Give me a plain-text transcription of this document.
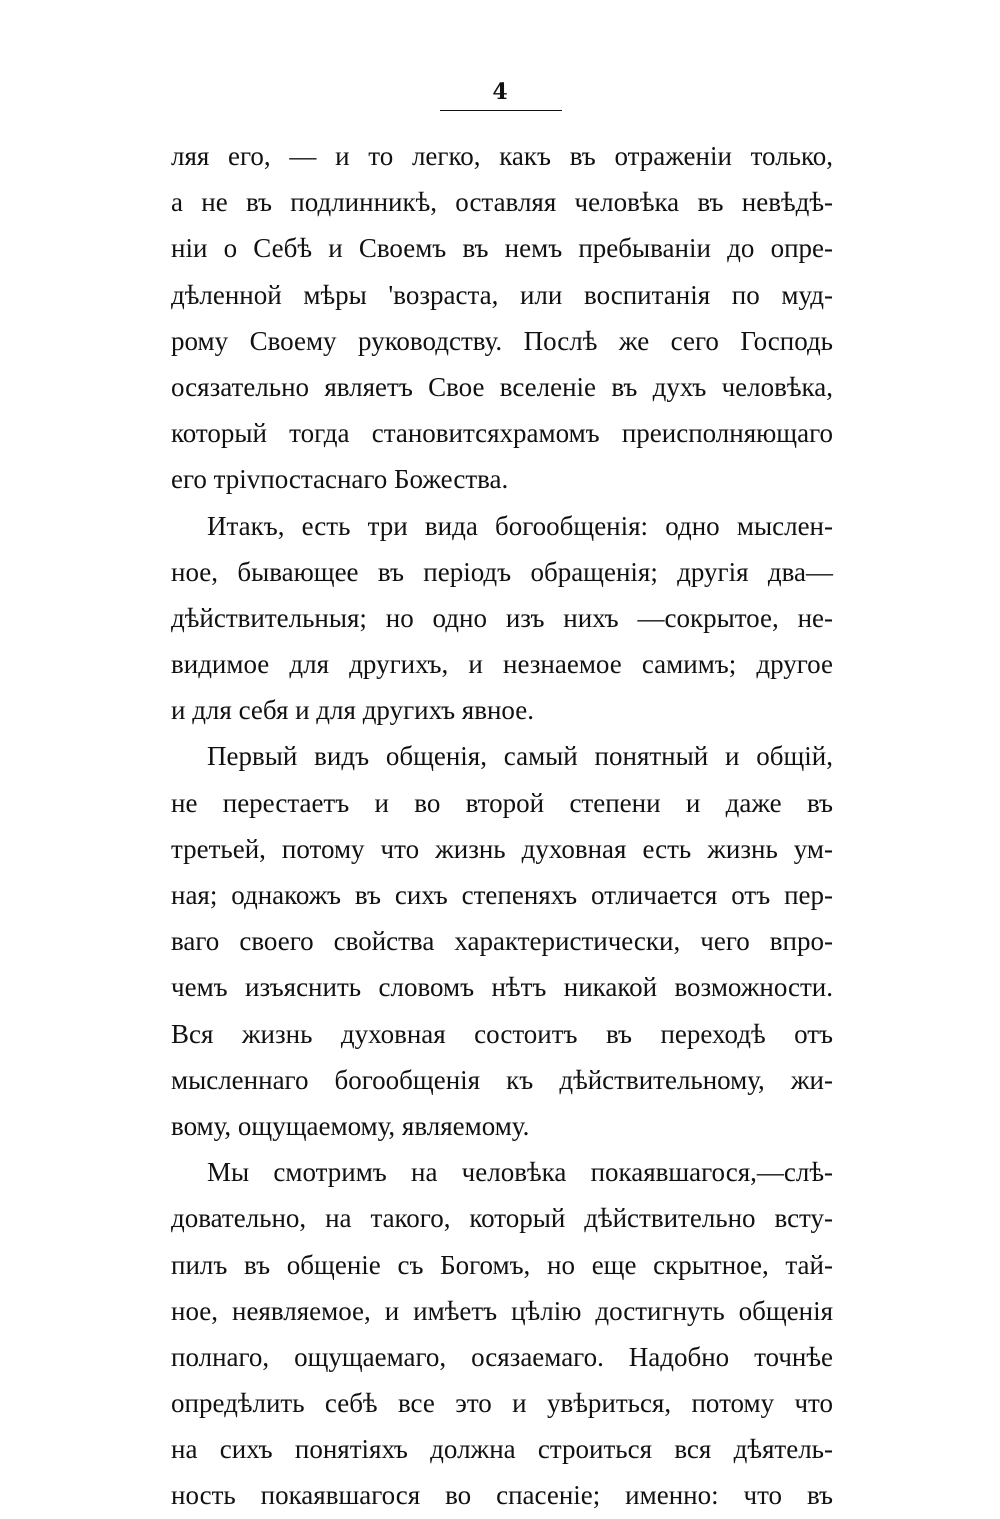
4
ляя его, — и то легко, какъ въ отраженіи только,
а не въ подлинникѣ, оставляя человѣка въ невѣдѣ-
ніи о Себѣ и Своемъ въ немъ пребываніи до опре-
дѣленной мѣры 'возраста, или воспитанія по муд-
рому Своему руководству. Послѣ же сего Господь
осязательно являетъ Свое вселеніе въ духъ человѣка,
который тогда становитсяхрамомъ преисполняющаго
его тріvпостаснаго Божества.
Итакъ, есть три вида богообщенія: одно мыслен-
ное, бывающее въ періодъ обращенія; другія два—
дѣйствительныя; но одно изъ нихъ —сокрытое, не-
видимое для другихъ, и незнаемое самимъ; другое
и для себя и для другихъ явное.
Первый видъ общенія, самый понятный и общій,
не перестаетъ и во второй степени и даже въ
третьей, потому что жизнь духовная есть жизнь ум-
ная; однакожъ въ сихъ степеняхъ отличается отъ пер-
ваго своего свойства характеристически, чего впро-
чемъ изъяснить словомъ нѣтъ никакой возможности.
Вся жизнь духовная состоитъ въ переходѣ отъ
мысленнаго богообщенія къ дѣйствительному, жи-
вому, ощущаемому, являемому.
Мы смотримъ на человѣка покаявшагося,—слѣ-
довательно, на такого, который дѣйствительно всту-
пилъ въ общеніе съ Богомъ, но еще скрытное, тай-
ное, неявляемое, и имѣетъ цѣлію достигнуть общенія
полнаго, ощущаемаго, осязаемаго. Надобно точнѣе
опредѣлить себѣ все это и увѣриться, потому что
на сихъ понятіяхъ должна строиться вся дѣятель-
ность покаявшагося во спасеніе; именно: что въ
